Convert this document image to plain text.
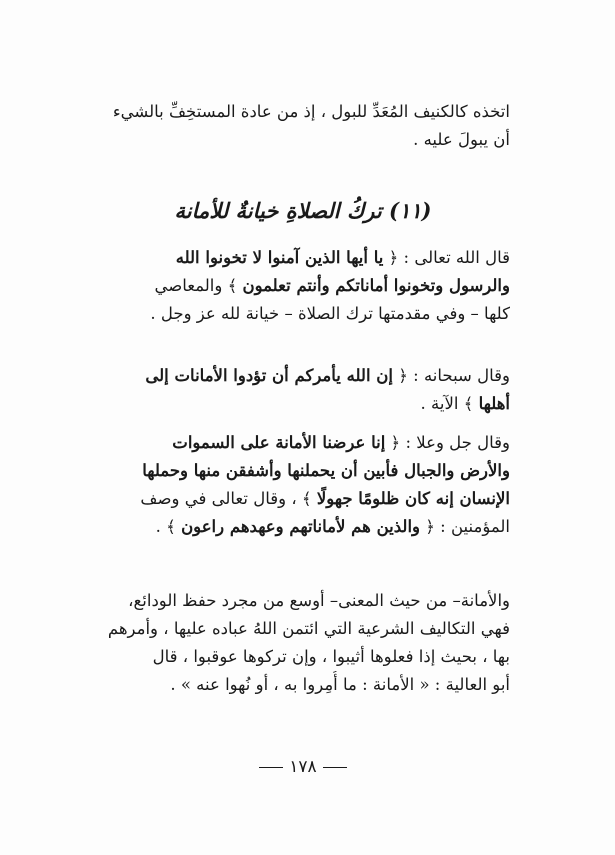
اتخذه كالكنيف المُعَدِّ للبول ، إذ من عادة المستخِفِّ بالشيء
أن يبولَ عليه .
(١١) تركُ الصلاةِ خيانةٌ للأمانة
قال الله تعالى : ﴿ يا أيها الذين آمنوا لا تخونوا الله
والرسول وتخونوا أماناتكم وأنتم تعلمون ﴾ والمعاصي
كلها – وفي مقدمتها ترك الصلاة – خيانة لله عز وجل .
وقال سبحانه : ﴿ إن الله يأمركم أن تؤدوا الأمانات إلى
أهلها ﴾ الآية .
وقال جل وعلا : ﴿ إنا عرضنا الأمانة على السموات
والأرض والجبال فأبين أن يحملنها وأشفقن منها وحملها
الإنسان إنه كان ظلومًا جهولًا ﴾ ، وقال تعالى في وصف
المؤمنين : ﴿ والذين هم لأماناتهم وعهدهم راعون ﴾ .
والأمانة– من حيث المعنى– أوسع من مجرد حفظ الودائع،
فهي التكاليف الشرعية التي ائتمن اللهُ عباده عليها ، وأمرهم
بها ، بحيث إذا فعلوها أثيبوا ، وإن تركوها عوقبوا ، قال
أبو العالية : « الأمانة : ما أُمِروا به ، أو نُهوا عنه » .
١٧٨
